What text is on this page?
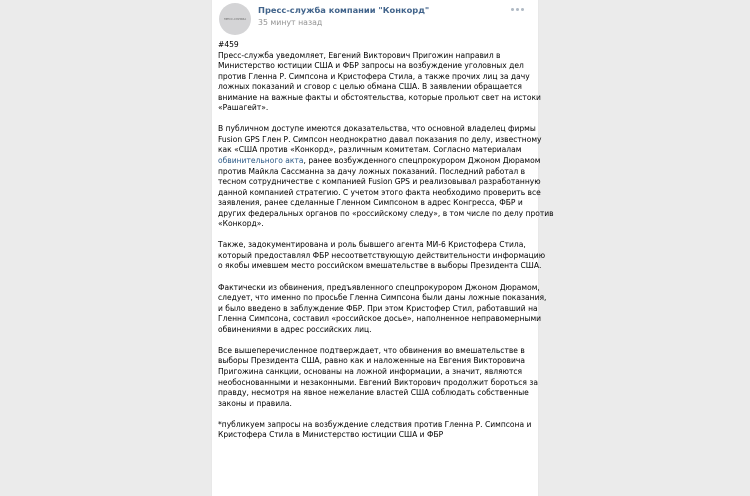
ПРЕСС-СЛУЖБА
Пресс-служба компании "Конкорд"
35 минут назад
#459

Пресс-служба уведомляет, Евгений Викторович Пригожин направил в
Министерство юстиции США и ФБР запросы на возбуждение уголовных дел
против Гленна Р. Симпсона и Кристофера Стила, а также прочих лиц за дачу
ложных показаний и сговор с целью обмана США. В заявлении обращается
внимание на важные факты и обстоятельства, которые прольют свет на истоки
«Рашагейт».

В публичном доступе имеются доказательства, что основной владелец фирмы
Fusion GPS Глен Р. Симпсон неоднократно давал показания по делу, известному
как «США против «Конкорд», различным комитетам. Согласно материалам
обвинительного акта, ранее возбужденного спецпрокурором Джоном Дюрамом
против Майкла Сассманна за дачу ложных показаний. Последний работал в
тесном сотрудничестве с компанией Fusion GPS и реализовывал разработанную
данной компанией стратегию. С учетом этого факта необходимо проверить все
заявления, ранее сделанные Гленном Симпсоном в адрес Конгресса, ФБР и
других федеральных органов по «российскому следу», в том числе по делу против
«Конкорд».

Также, задокументирована и роль бывшего агента МИ-6 Кристофера Стила,
который предоставлял ФБР несоответствующую действительности информацию
о якобы имевшем место российском вмешательстве в выборы Президента США.

Фактически из обвинения, предъявленного спецпрокурором Джоном Дюрамом,
следует, что именно по просьбе Гленна Симпсона были даны ложные показания,
и было введено в заблуждение ФБР. При этом Кристофер Стил, работавший на
Гленна Симпсона, составил «российское досье», наполненное неправомерными
обвинениями в адрес российских лиц.

Все вышеперечисленное подтверждает, что обвинения во вмешательстве в
выборы Президента США, равно как и наложенные на Евгения Викторовича
Пригожина санкции, основаны на ложной информации, а значит, являются
необоснованными и незаконными. Евгений Викторович продолжит бороться за
правду, несмотря на явное нежелание властей США соблюдать собственные
законы и правила.

*публикуем запросы на возбуждение следствия против Гленна Р. Симпсона и
Кристофера Стила в Министерство юстиции США и ФБР
